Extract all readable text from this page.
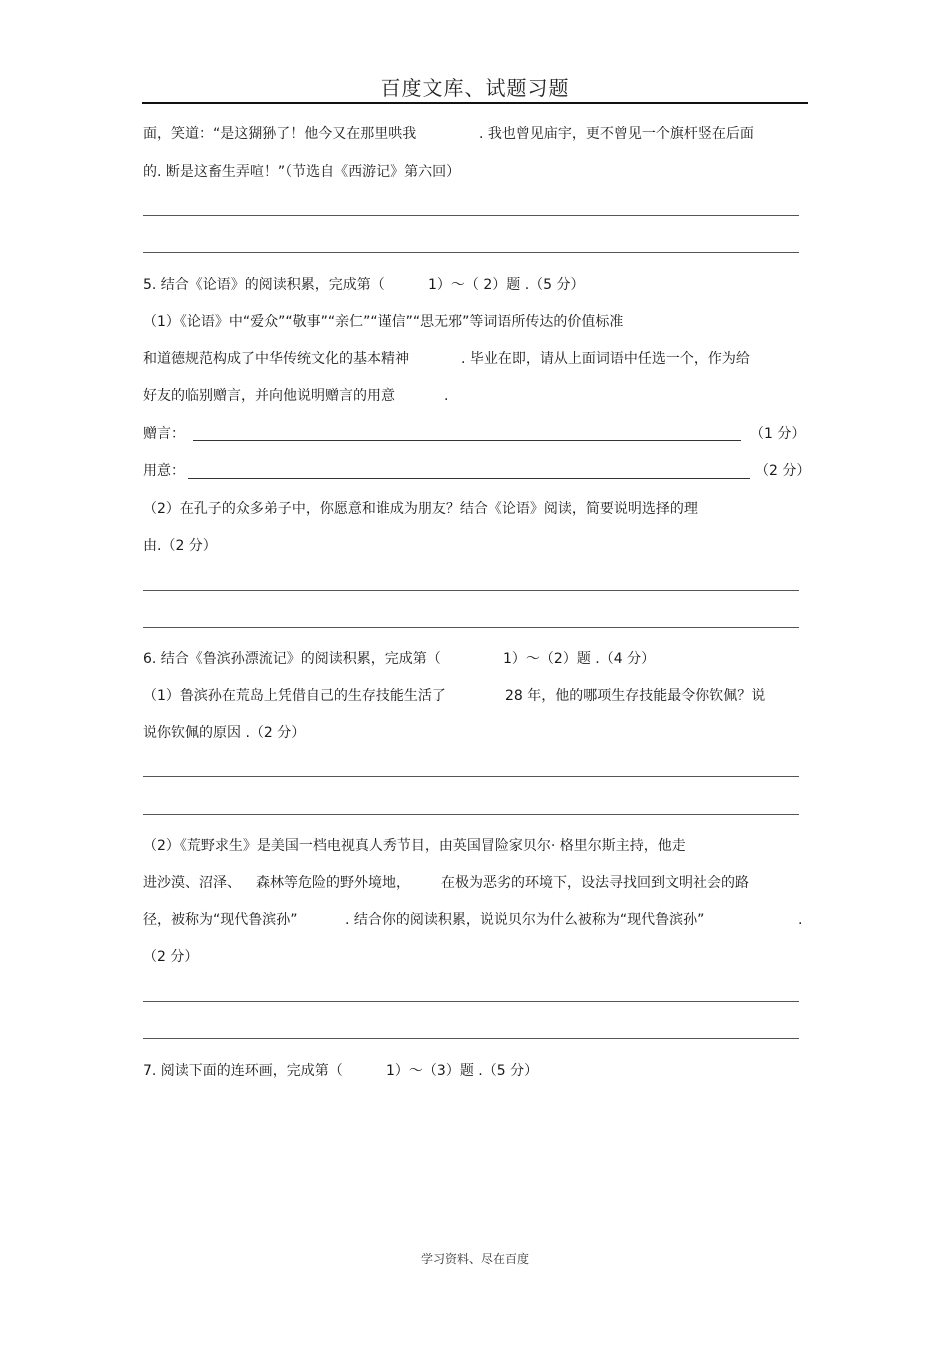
百度文库、试题习题
面，笑道：“是这猢狲了！他今又在那里哄我	. 我也曾见庙宇，更不曾见一个旗杆竖在后面
的. 断是这畜生弄喧！”（节选自《西游记》第六回）
5. 结合《论语》的阅读积累，完成第（	1）～（ 2）题 .（5 分）
（1）《论语》中“爱众”“敬事”“亲仁”“谨信”“思无邪”等词语所传达的价值标准
和道德规范构成了中华传统文化的基本精神	. 毕业在即，请从上面词语中任选一个，作为给
好友的临别赠言，并向他说明赠言的用意	.
赠言：	（1 分）
用意：	（2 分）
（2）在孔子的众多弟子中，你愿意和谁成为朋友？结合《论语》阅读，简要说明选择的理
由.（2 分）
6. 结合《鲁滨孙漂流记》的阅读积累，完成第（	1）～（2）题 .（4 分）
（1）鲁滨孙在荒岛上凭借自己的生存技能生活了	28 年，他的哪项生存技能最令你钦佩？说
说你钦佩的原因 .（2 分）
（2）《荒野求生》是美国一档电视真人秀节目，由英国冒险家贝尔· 格里尔斯主持，他走
进沙漠、沼泽、 森林等危险的野外境地， 在极为恶劣的环境下，设法寻找回到文明社会的路
径，被称为“现代鲁滨孙”	. 结合你的阅读积累，说说贝尔为什么被称为“现代鲁滨孙”	.
（2 分）
7. 阅读下面的连环画，完成第（	1）～（3）题 .（5 分）
学习资料、尽在百度
